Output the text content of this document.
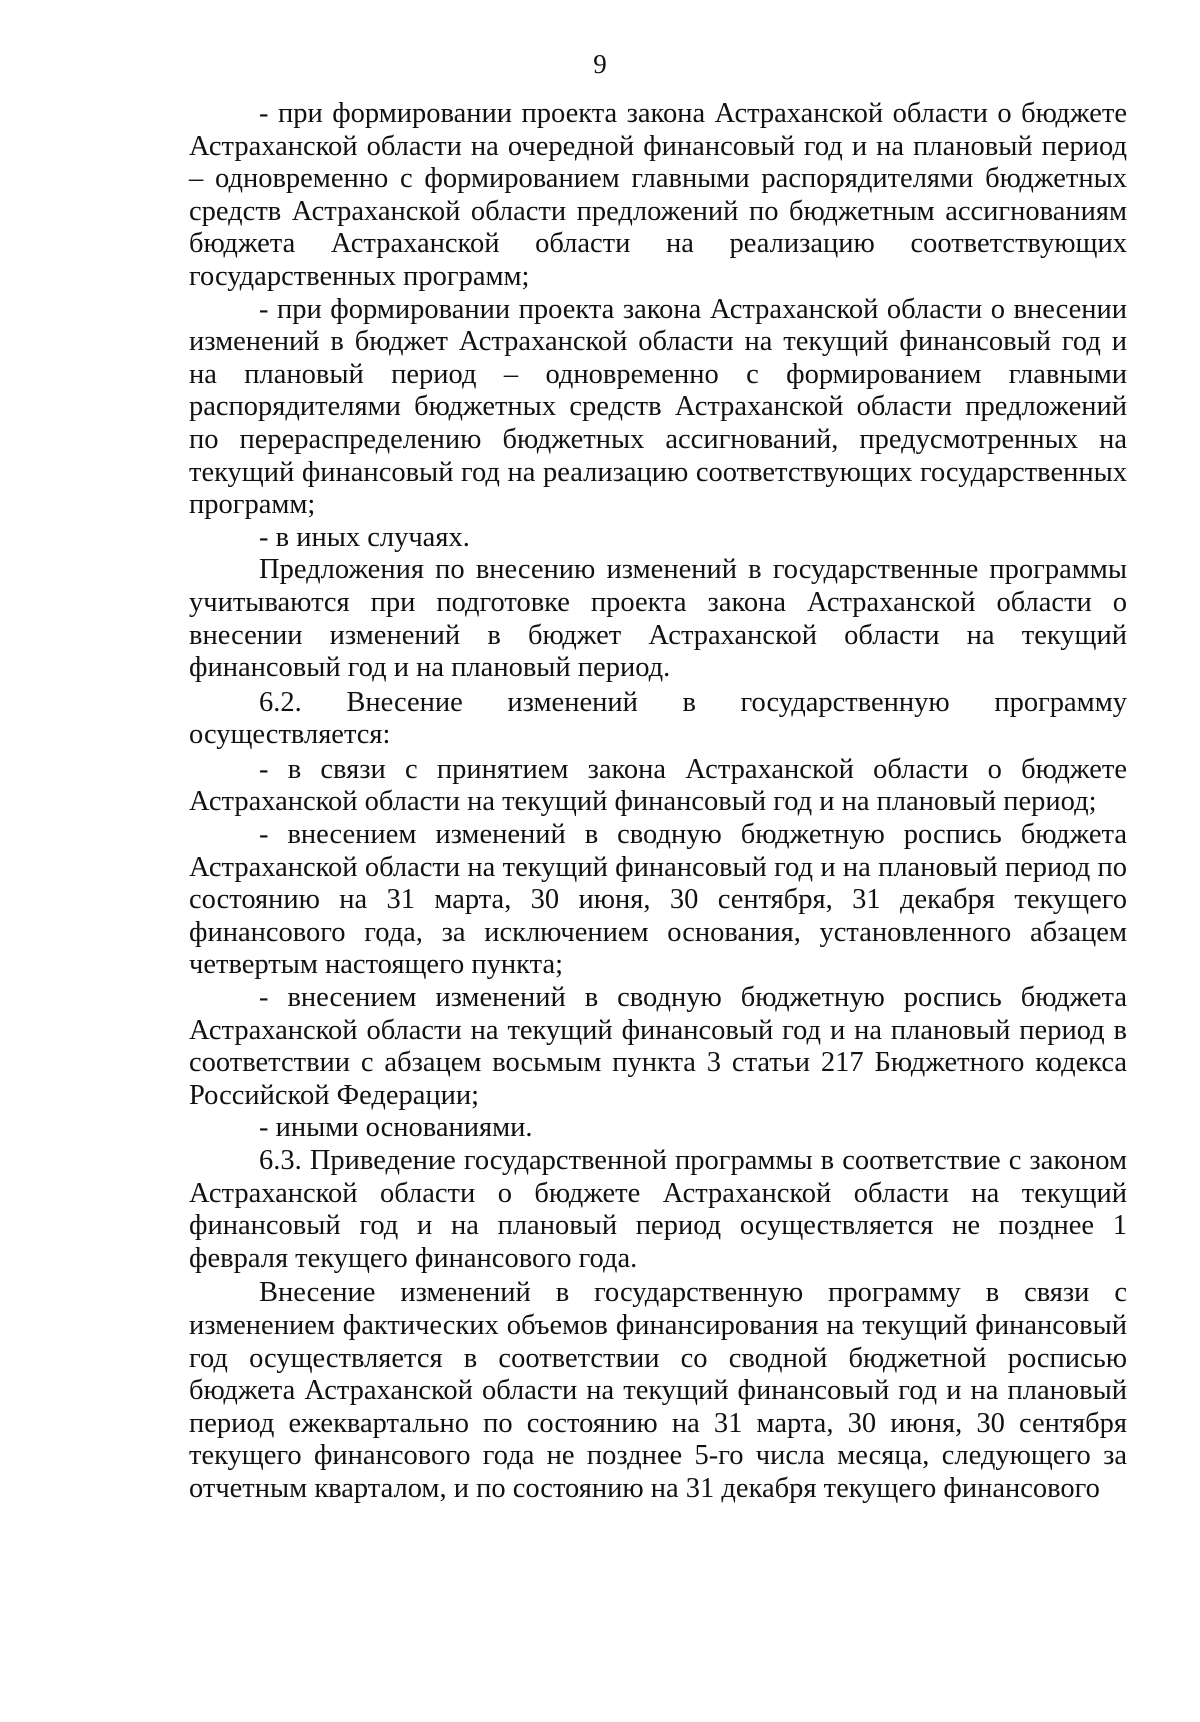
9

- при формировании проекта закона Астраханской области о бюджете Астраханской области на очередной финансовый год и на плановый период – одновременно с формированием главными распорядителями бюджетных средств Астраханской области предложений по бюджетным ассигнованиям бюджета Астраханской области на реализацию соответствующих государственных программ;

- при формировании проекта закона Астраханской области о внесении изменений в бюджет Астраханской области на текущий финансовый год и на плановый период – одновременно с формированием главными распорядителями бюджетных средств Астраханской области предложений по перераспределению бюджетных ассигнований, предусмотренных на текущий финансовый год на реализацию соответствующих государственных программ;

- в иных случаях.

Предложения по внесению изменений в государственные программы учитываются при подготовке проекта закона Астраханской области о внесении изменений в бюджет Астраханской области на текущий финансовый год и на плановый период.

6.2. Внесение изменений в государственную программу осуществляется:

- в связи с принятием закона Астраханской области о бюджете Астраханской области на текущий финансовый год и на плановый период;

- внесением изменений в сводную бюджетную роспись бюджета Астраханской области на текущий финансовый год и на плановый период по состоянию на 31 марта, 30 июня, 30 сентября, 31 декабря текущего финансового года, за исключением основания, установленного абзацем четвертым настоящего пункта;

- внесением изменений в сводную бюджетную роспись бюджета Астраханской области на текущий финансовый год и на плановый период в соответствии с абзацем восьмым пункта 3 статьи 217 Бюджетного кодекса Российской Федерации;

- иными основаниями.

6.3. Приведение государственной программы в соответствие с законом Астраханской области о бюджете Астраханской области на текущий финансовый год и на плановый период осуществляется не позднее 1 февраля текущего финансового года.

Внесение изменений в государственную программу в связи с изменением фактических объемов финансирования на текущий финансовый год осуществляется в соответствии со сводной бюджетной росписью бюджета Астраханской области на текущий финансовый год и на плановый период ежеквартально по состоянию на 31 марта, 30 июня, 30 сентября текущего финансового года не позднее 5-го числа месяца, следующего за отчетным кварталом, и по состоянию на 31 декабря текущего финансового
